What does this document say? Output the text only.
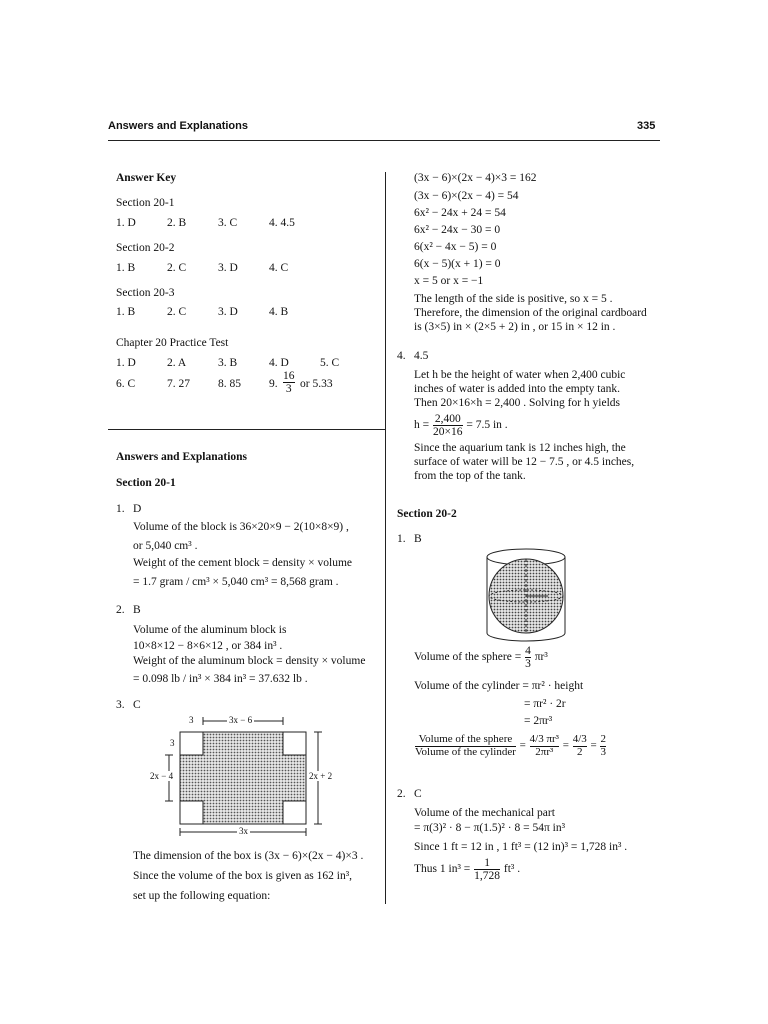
Answers and Explanations	335
Answer Key
Section 20-1
1. D	2. B	3. C	4. 4.5
Section 20-2
1. B	2. C	3. D	4. C
Section 20-3
1. B	2. C	3. D	4. B
Chapter 20 Practice Test
1. D	2. A	3. B	4. D	5. C
6. C	7. 27 8. 85 9. $\frac{16}{3}$ or 5.33
Answers and Explanations
Section 20-1
1. D
Volume of the block is 36×20×9 − 2(10×8×9) ,
or 5,040 cm³ .
Weight of the cement block = density × volume
= 1.7 gram / cm³ × 5,040 cm³ = 8,568 gram .
2. B
Volume of the aluminum block is
10×8×12 − 8×6×12 , or 384 in³ .
Weight of the aluminum block = density × volume
= 0.098 lb / in³ × 384 in³ = 37.632 lb .
3. C
3	3x − 6
3
2x − 4	2x + 2
3x
The dimension of the box is (3x − 6)×(2x − 4)×3 .
Since the volume of the box is given as 162 in³,
set up the following equation:
(3x − 6)×(2x − 4)×3 = 162
(3x − 6)×(2x − 4) = 54
6x² − 24x + 24 = 54
6x² − 24x − 30 = 0
6(x² − 4x − 5) = 0
6(x − 5)(x + 1) = 0
x = 5 or x = −1
The length of the side is positive, so x = 5 .
Therefore, the dimension of the original cardboard
is (3×5) in × (2×5 + 2) in , or 15 in × 12 in .
4. 4.5
Let h be the height of water when 2,400 cubic
inches of water is added into the empty tank.
Then 20×16×h = 2,400 . Solving for h yields
$h = \frac{2,400}{20\times 16} = 7.5$ in .
Since the aquarium tank is 12 inches high, the
surface of water will be 12 − 7.5 , or 4.5 inches,
from the top of the tank.
Section 20-2
1. B
Volume of the sphere = $\frac{4}{3} \pi r^3$
Volume of the cylinder = πr² · height
= πr² · 2r
= 2πr³
$\frac{\text{Volume of the sphere}}{\text{Volume of the cylinder}} = \frac{\text{4/3 πr³}}{\text{2πr³}} = \frac{4/3}{2} = \frac{2}{3}$
2. C
Volume of the mechanical part
= π(3)² · 8 − π(1.5)² · 8 = 54π in³
Since 1 ft = 12 in , 1 ft³ = (12 in)³ = 1,728 in³ .
Thus 1 $in^3 = \frac{1}{1,728} ft^3$ .
